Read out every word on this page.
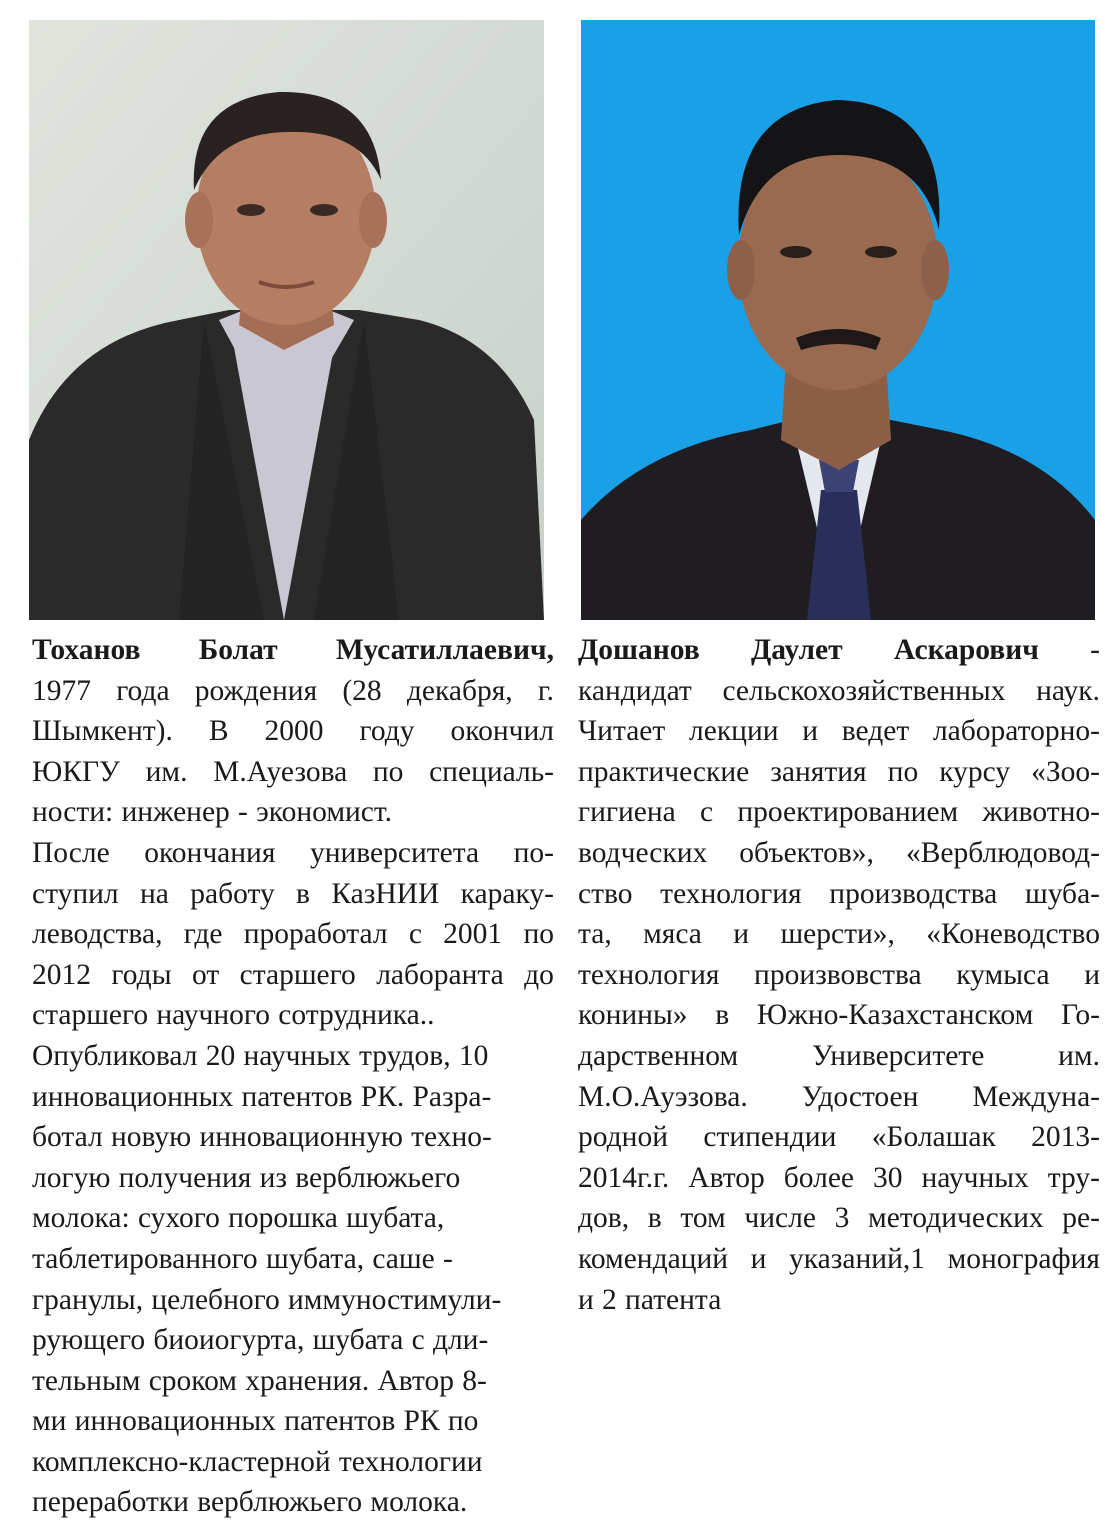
Тоханов Болат Мусатиллаевич,
1977 года рождения (28 декабря, г.
Шымкент). В 2000 году окончил
ЮКГУ им. М.Ауезова по специаль-
ности: инженер - экономист.
После окончания университета по-
ступил на работу в КазНИИ караку-
леводства, где проработал с 2001 по
2012 годы от старшего лаборанта до
старшего научного сотрудника..
Опубликовал 20 научных трудов, 10
инновационных патентов РК. Разра-
ботал новую инновационную техно-
логую получения из верблюжьего
молока: сухого порошка шубата,
таблетированного шубата, саше -
гранулы, целебного иммуностимули-
рующего биоиогурта, шубата с дли-
тельным сроком хранения. Автор 8-
ми инновационных патентов РК по
комплексно-кластерной технологии
переработки верблюжьего молока.
Дошанов Даулет Аскарович -
кандидат сельскохозяйственных наук.
Читает лекции и ведет лабораторно-
практические занятия по курсу «Зоо-
гигиена с проектированием животно-
водческих объектов», «Верблюдовод-
ство технология производства шуба-
та, мяса и шерсти», «Коневодство
технология произвовства кумыса и
конины» в Южно-Казахстанском Го-
дарственном	Университете	им.
М.О.Ауэзова. Удостоен Междуна-
родной стипендии «Болашак 2013-
2014г.г. Автор более 30 научных тру-
дов, в том числе 3 методических ре-
комендаций и указаний,1 монография
и 2 патента
